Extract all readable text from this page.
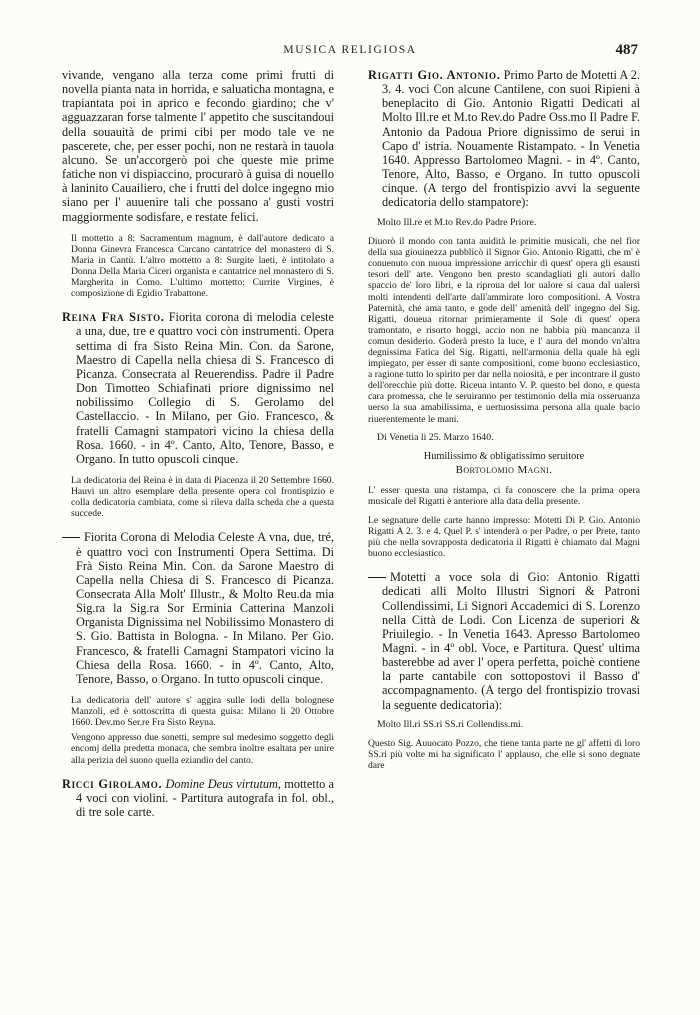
MUSICA RELIGIOSA	487

vivande, vengano alla terza come primi frutti di novella pianta nata in horrida, e saluaticha montagna, e trapiantata poi in aprico e fecondo giardino; che v' agguazzaran forse talmente l' appetito che suscitandoui della souauità de primi cibi per modo tale ve ne pascerete, che, per esser pochi, non ne restarà in tauola alcuno. Se un'accorgerò poi che queste mie prime fatiche non vi dispiaccino, procurarò à guisa di nouello à laninito Cauailiero, che i frutti del dolce ingegno mio siano per l' auuenire tali che possano a' gusti vostri maggiormente sodisfare, e restate felici.

Il mottetto a 8: Sacramentum magnum, è dall'autore dedicato a Donna Ginevra Francesca Carcano cantatrice del monastero di S. Maria in Cantù. L'altro mottetto a 8: Surgite laeti, è intitolato a Donna Della Maria Ciceri organista e cantatrice nel monastero di S. Margherita in Como. L'ultimo mottetto: Currite Virgines, è composizione di Egidio Trabattone.

Reina Fra Sisto. Fiorita corona di melodia celeste a una, due, tre e quattro voci còn instrumenti. Opera settima di fra Sisto Reina Min. Con. da Sarone, Maestro di Capella nella chiesa di S. Francesco di Picanza. Consecrata al Reuerendiss. Padre il Padre Don Timotteo Schiafinati priore dignissimo nel nobilissimo Collegio di S. Gerolamo del Castellaccio. - In Milano, per Gio. Francesco, & fratelli Camagni stampatori vicino la chiesa della Rosa. 1660. - in 4º. Canto, Alto, Tenore, Basso, e Organo. In tutto opuscoli cinque.

La dedicatoria del Reina è in data di Piacenza il 20 Settembre 1660. Hauvi un altro esemplare della presente opera col frontispizio e colla dedicatoria cambiata, come si rileva dalla scheda che a questa succede.

Fiorita Corona di Melodia Celeste A vna, due, tré, è quattro voci con Instrumenti Opera Settima. Di Frà Sisto Reina Min. Con. da Sarone Maestro di Capella nella Chiesa di S. Francesco di Picanza. Consecrata Alla Molt' Illustr., & Molto Reu.da mia Sig.ra la Sig.ra Sor Erminia Catterina Manzoli Organista Dignissima nel Nobilissimo Monastero di S. Gio. Battista in Bologna. - In Milano. Per Gio. Francesco, & fratelli Camagni Stampatori vicino la Chiesa della Rosa. 1660. - in 4º. Canto, Alto, Tenore, Basso, o Organo. In tutto opuscoli cinque.

La dedicatoria dell' autore s' aggira sulle lodi della bolognese Manzoli, ed è sottoscritta di questa guisa: Milano li 20 Ottobre 1660. Dev.mo Ser.re Fra Sisto Reyna.

Vengono appresso due sonetti, sempre sul medesimo soggetto degli encomj della predetta monaca, che sembra inoltre esaltata per unire alla perizia del suono quella eziandio del canto.

Ricci Girolamo. Domine Deus virtutum, mottetto a 4 voci con violini. - Partitura autografa in fol. obl., di tre sole carte.

Rigatti Gio. Antonio. Primo Parto de Motetti A 2. 3. 4. voci Con alcune Cantilene, con suoi Ripieni à beneplacito di Gio. Antonio Rigatti Dedicati al Molto Ill.re et M.to Rev.do Padre Oss.mo Il Padre F. Antonio da Padoua Priore dignissimo de serui in Capo d' istria. Nouamente Ristampato. - In Venetia 1640. Appresso Bartolomeo Magni. - in 4º. Canto, Tenore, Alto, Basso, e Organo. In tutto opuscoli cinque. (A tergo del frontispizio avvi la seguente dedicatoria dello stampatore):

Molto Ill.re et M.to Rev.do Padre Priore.

Diuorò il mondo con tanta auidità le primitie musicali, che nel fior della sua giouinezza pubblicò il Signor Gio. Antonio Rigatti, che m' è conuenuto con nuoua impressione arricchir di quest' opera gli esausti tesori dell' arte. Vengono ben presto scandagliati gli autori dallo spaccio de' loro libri, e la riproua del lor ualore si caua dal ualersi molti intendenti dell'arte dall'ammirate loro compositioni. A Vostra Paternità, che ama tanto, e gode dell' amenità dell' ingegno del Sig. Rigatti, doueua ritornar primieramente il Sole di quest' opera tramontato, e risorto hoggi, accio non ne habbia più mancanza il comun desiderio. Goderà presto la luce, e l' aura del mondo vn'altra degnissima Fatica del Sig. Rigatti, nell'armonia della quale hà egli impiegato, per esser di sante compositioni, come buono ecclesiastico, a ragione tutto lo spirito per dar nella noiosità, e per incontrare il gusto dell'orecchie più dotte. Riceua intanto V. P. questo bel dono, e questa cara promessa, che le seruiranno per testimonio della mia osseruanza uerso la sua amabilissima, e uertuosissima persona alla quale bacio riuerentemente le mani.

Di Venetia li 25. Marzo 1640.

Humilissimo & obligatissimo seruitore

Bortolomio Magni.

L' esser questa una ristampa, ci fa conoscere che la prima opera musicale del Rigatti è anteriore alla data della presente.

Le segnature delle carte hanno impresso: Motetti Di P. Gio. Antonio Rigatti A 2. 3. e 4. Quel P. s' intenderà o per Padre, o per Prete, tanto più che nella sovrapposta dedicatoria il Rigatti è chiamato dal Magni buono ecclesiastico.

Motetti a voce sola di Gio: Antonio Rigatti dedicati alli Molto Illustri Signori & Patroni Collendissimi, Li Signori Accademici di S. Lorenzo nella Città de Lodi. Con Licenza de superiori & Priuilegio. - In Venetia 1643. Apresso Bartolomeo Magni. - in 4º obl. Voce, e Partitura. Quest' ultima basterebbe ad aver l' opera perfetta, poichè contiene la parte cantabile con sottopostovi il Basso d' accompagnamento. (A tergo del frontispizio trovasi la seguente dedicatoria):

Molto Ill.ri SS.ri SS.ri Collendiss.mi.

Questo Sig. Auuocato Pozzo, che tiene tanta parte ne gl' affetti di loro SS.ri più volte mi ha significato l' applauso, che elle si sono degnate dare
